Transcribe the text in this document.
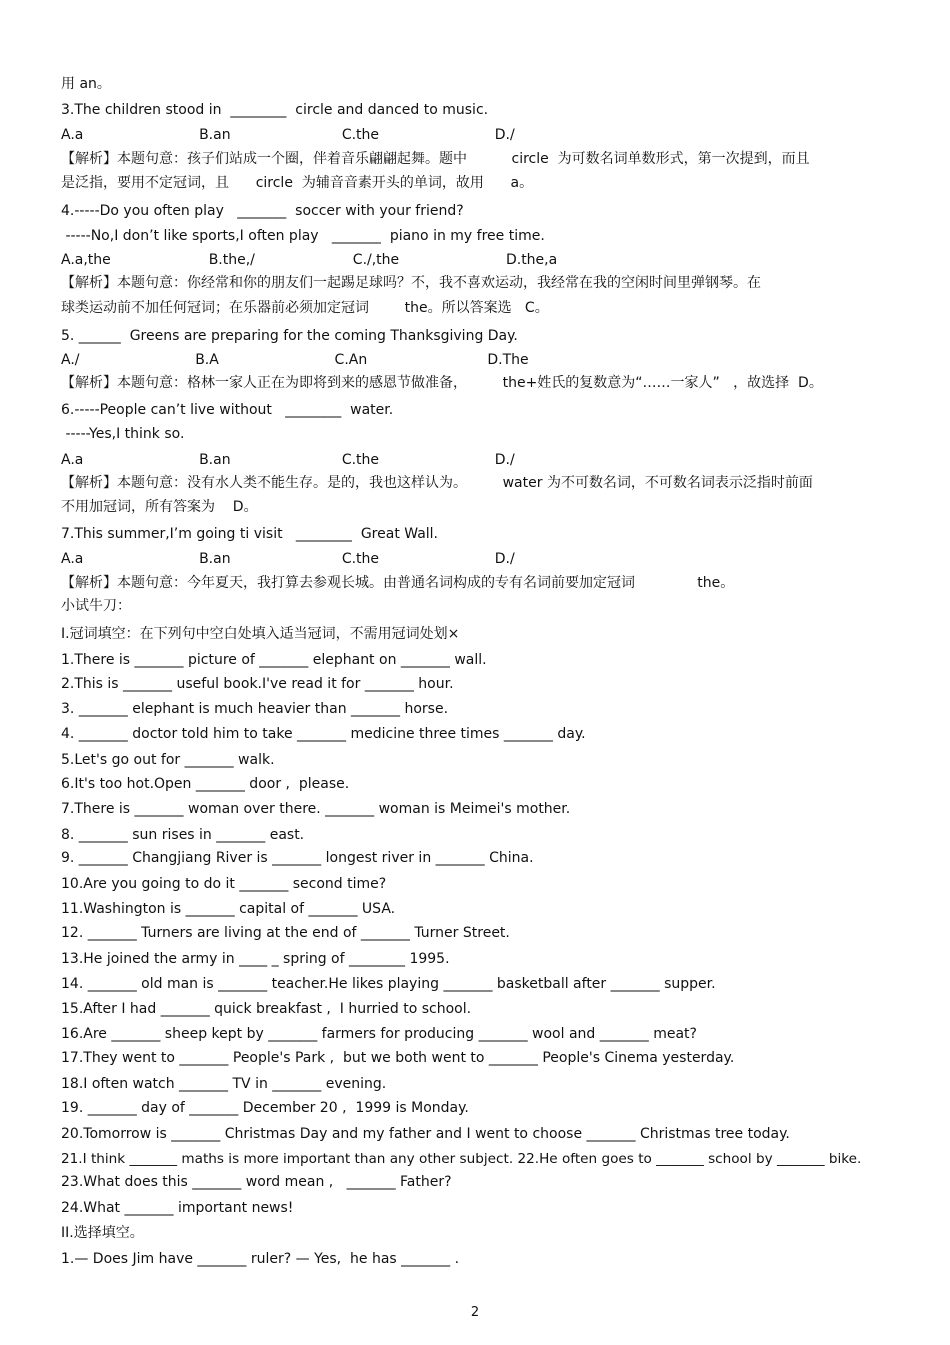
用 an。
3.The children stood in  ________  circle and danced to music.
A.a                          B.an                         C.the                          D./
【解析】本题句意：孩子们站成一个圈，伴着音乐翩翩起舞。题中          circle  为可数名词单数形式，第一次提到，而且
是泛指，要用不定冠词，且      circle  为辅音音素开头的单词，故用      a。
4.-----Do you often play   _______  soccer with your friend?
-----No,I don’t like sports,I often play   _______  piano in my free time.
A.a,the                      B.the,/                      C./,the                        D.the,a
【解析】本题句意：你经常和你的朋友们一起踢足球吗？不，我不喜欢运动，我经常在我的空闲时间里弹钢琴。在
球类运动前不加任何冠词；在乐器前必须加定冠词        the。所以答案选   C。
5. ______  Greens are preparing for the coming Thanksgiving Day.
A./                          B.A                          C.An                           D.The
【解析】本题句意：格林一家人正在为即将到来的感恩节做准备，        the+姓氏的复数意为“……一家人”   ，故选择  D。
6.-----People can’t live without   ________  water.
-----Yes,I think so.
A.a                          B.an                         C.the                          D./
【解析】本题句意：没有水人类不能生存。是的，我也这样认为。        water 为不可数名词，不可数名词表示泛指时前面
不用加冠词，所有答案为    D。
7.This summer,I’m going ti visit   ________  Great Wall.
A.a                          B.an                         C.the                          D./
【解析】本题句意：今年夏天，我打算去参观长城。由普通名词构成的专有名词前要加定冠词              the。
小试牛刀：
I.冠词填空：在下列句中空白处填入适当冠词，不需用冠词处划×
1.There is _______ picture of _______ elephant on _______ wall.
2.This is _______ useful book.I've read it for _______ hour.
3. _______ elephant is much heavier than _______ horse.
4. _______ doctor told him to take _______ medicine three times _______ day.
5.Let's go out for _______ walk.
6.It's too hot.Open _______ door ,  please.
7.There is _______ woman over there. _______ woman is Meimei's mother.
8. _______ sun rises in _______ east.
9. _______ Changjiang River is _______ longest river in _______ China.
10.Are you going to do it _______ second time?
11.Washington is _______ capital of _______ USA.
12. _______ Turners are living at the end of _______ Turner Street.
13.He joined the army in ____ _ spring of ________ 1995.
14. _______ old man is _______ teacher.He likes playing _______ basketball after _______ supper.
15.After I had _______ quick breakfast ,  I hurried to school.
16.Are _______ sheep kept by _______ farmers for producing _______ wool and _______ meat?
17.They went to _______ People's Park ,  but we both went to _______ People's Cinema yesterday.
18.I often watch _______ TV in _______ evening.
19. _______ day of _______ December 20 ,  1999 is Monday.
20.Tomorrow is _______ Christmas Day and my father and I went to choose _______ Christmas tree today.
21.I think _______ maths is more important than any other subject. 22.He often goes to _______ school by _______ bike.
23.What does this _______ word mean ,   _______ Father?
24.What _______ important news!
II.选择填空。
1.— Does Jim have _______ ruler? — Yes,  he has _______ .
2
